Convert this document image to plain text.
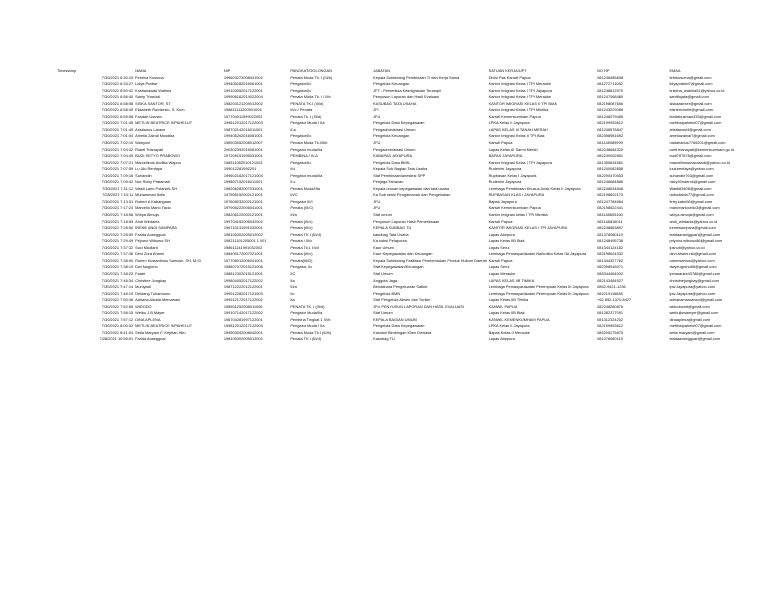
Timestamp	NAMA	NIP	PANGKAT/GOLONGAN	JABATAN	SATUAN KERJA/UPT	NO HP	EMAIL
7/30/2021 6:30:15	Febrina Kusuma	199603272008041002	Penata Muda Tk. I (III/b)	Kepala Subbidang Pembinaan TI dan Kerja Sama	Divisi Pas Kanwil Papua	081248485848	febrkusuma@gmail.com
7/30/2021 6:33:27	Lidya Pratiwi	199405282016061001	Pengatur/IIc	Pengelola Keuangan	Kantor Imigrasi Kelas I TPI Merauke	081272711082	lidyapratiwi7@gmail.com
7/30/2021 6:50:42	Kristianawati Wabiria	199103052017122001	Pengatur/IIc	JFT - Pemeriksa Keimigrasian Terampil	Kantor Imigrasi Kelas I TPI Jayapura	081248812570	kristina_wabiria91@yahoo.co.id
7/30/2021 6:56:40	Santy Triastuti	199906162014022004	Penata Muda Tk. I / IIIb	Penyusun Laporan dan Hasil Evaluasi	Kantor Imigrasi Kelas I TPI Merauke	081247068480	santtiojata@gmail.com
7/30/2021 6:58:58	SISKA SANTOR, ST	198203121209012002	PENATA TK.I (III/d)	KASUBAG TATA USAHA	KANTOR IMIGRASI KELAS II TPI BIAK	082198087656	siskaasexer@gmail.com
7/30/2021 6:58:49	Elisabeth Rumkesio, S. Kom.	198811111200901004	III/c / Penata	JFI	Kantor Imigrasi Kelas I TPI Mimika	081243229086	elsrterichelle@gmail.com
7/30/2021 6:59:58	Fandah Usman	197704011999022002	Penata Tk. I (III/d)	JFU	Kanwil Kemenkumham Papua	081248079485	fandahusman333@gmail.com
7/30/2021 7:01:45	METLIN BEATRICE SIPAHELUT	199812012017122003	Pengatur Muda / IIa	Pengelola Data Kepegawaian	LPKA Kelas II Jayapura	082199953612	metlinsipahelut07@gmail.com
7/30/2021 7:01:49	Aristianus Larane	198702142016011001	II.a	Pengadministrasi Umum	LAPAS KELAS III TANAH MERAH	081248578847	aristianusl4@gmail.com
7/30/2021 7:01:54	Amelia Zainal Musdika	199405262016061001	Pengatur/IIc	Pengelola Keuangan	Kantor Imigrasi Kelas II TPI Biak	082398981692	ameliazainal7@gmail.com
7/30/2021 7:02:10	Wahyuni	198903052008012007	Penata Muda Tk.I/IIIb	JFU	Kanwil Papua	081148089999	nadahadus7766201@gmail.com
7/30/2021 7:04:32	Rianti Trianayati	200302092016081001	Pengatur muda/IIa	Pengadministrasi Umum	Lapas Kelas III Sarmi Merah	082248684320	ranti.trianayati@kemenkumham.go.id
7/30/2021 7:04:49	BUDI SETYO PRABOWO	197209151995031001	PEMBINA / IV.A	KABAPAS JAYAPURA	BAPAS JAYAPURA	082240002851	budi787878@gmail.com
7/30/2021 7:07:21	Marcellinus Andika Wapuu	198511082010121003	Pengatur/IIc	Pengelola Data BMN	Kantor Imigrasi Kelas I TPI Jayapura	081355634581	marcellinusmacaandi@yahoo.co.id
7/30/2021 7:07:59	Lu Ulu Renfaya	199012281992201	IId	Kepala Sub Bagian Tata Usaha	Rudenim Jayapura	081240082858	luulurenfaya@yahoo.com
7/30/2021 7:09:16	Suhandin	199602162017121004	Pengatur muda/IIa	Staf Pembinaan/anestesi SPP	Rupbasan Kelas I Jayapura	082290470553	suhandin763@gmail.com
7/30/2021 7:09:42	Nur Rizky Pratamah	199807152016011001	II.c	Penjaga Tahanan	Rudenim Jayapura	081248684886	rizky40nderos@gmail.com
7/30/2021 7:11:12	Wasti Lann Polanlek,SH	198206282007031001	Penata Muda/IIIa	Kepala urusan kepegawaian dan tata usaha	Lembaga Pembinaan Khusus Anak Kelas II Jayapura	082248634848	Wasti83408@gmail.com
7/28/2021 7:10:11	Muhammad Ikdin	197505152002121001	III/C	Ka Sub seksi Pengamanan dan Pengeloalan	RUPBASAN KLAS I JAYAPURA	082198602173	ridhwilahin77@gmail.com
7/30/2021 7:13:31	Robert A Kabangaan	197608032002121001	Pengatur III/I	JFU	Bapas Jayapura	081247784684	fetry.kabn08@gmail.com
7/30/2021 7:17:24	Marcello Mario Tacio	197905222006041001	Penata (III/C)	JFU	Kanwil Kemenkumham Papua	082198622441	marcmariocello3@gmail.com
7/30/2021 7:18:56	Wiriya Almoja	198206122002121001	III/a	Staf umum	Kantor Imigrasi kelas I TPI Mimika	081148605160	wiriya.almoja@gmail.com
7/30/2021 7:18:59	Andi Wirdania	199704152006042002	Penata (III/c)	Penyusun Laporan Hasil Pemeriksaan	Kanwil Papua	081148816011	andi_wirdania@yahoo.co.id
7/30/2021 7:28:50	IRENE ANDI SAMPARA	196710131991032001	Penata (III/c)	KEPALA SUBBAG TU	KANTOR IMIGRASI KELAS I TPI JAYAPURA	082248863897	ireneisampara@gmail.com
7/30/2021 7:28:50	Farida Aosegguai	198105302005012002	Penata TK I (III/d)	kasubag Tata Usaha	Lapas Abepura	081378080119	faridaaosegguari@gmail.com
7/30/2021 7:29:49	Priyono Wibowo,SH	198211191205001 1 001	Penata / III/c	Ka.subsi Pelaporan	Lapas Kelas IIB Biak	081248495738	priyono.wibowo86@gmail.com
7/30/2021 7:37:32	Suci Mudiarti	198611141991032002	Penata Tk.I, III/d	Kaur Umum	Lapas Serui	081344124182	ipsnuti@yahoo.co.id
7/30/2021 7:37:46	Devi Zora Ahami	198409172007021001	Penata (III/c)	Kaur Kepegawaian dan Keuangan	Lembaga Pemasyarakatan Narkotika Kelas IIA Jayapura	082198624332	devi.ahami.nkl@gmail.com
7/30/2021 7:38:00	Ruben Kostantinus Samosir, SH, M.Si	197708012006041001	Penata(III/D)	Kepala Subbidang Fasilitasi Pembentukan Produk Hukum Daerah	Kanwil Papua	081344327762	rubensamosi@yahoo.com
7/30/2021 7:38:19	Dwi Nagroho	198807072015121006	Pengatur, IIc	Staf Kepegawaian/Keuangan	Lapas Serui	082398516071	dwyeugroho86@gmail.com
7/30/2021 7:38:22	Faatri	198812302015121001	IIC	Staf Umum	Lapas Merauke	085344464002	ipmarauke43786@gmail.com
7/30/2021 7:46:34	Christine Jongkay	199804052017122002	IIa	Anggota Jaga	LAPAS KELAS IIB TIMIKA	082143484927	christinejongkay@gmail.com
7/30/2021 7:47:14	Muniyadi	198712222012122001	III/a	Bendahara Pengeluaran Satker	Lembaga Pemasyarakatan Perempuan Kelas III Jayapura	0852-9421-1236	lpw.Jayapura@yahoo.com
7/30/2021 7:48:19	Deidang Tuhamooru	199912282017121003	IIc	Pengelola BMN	Lembaga Pemasyarakatan Perempuan Kelas III Jayapura	082219116689	lpw.Jayapura@yahoo.com
7/30/2021 7:50:46	Adriana Alwida Memanani	199912172017122002	IIa	Staf Pengelola Absen dan Tunkin	Lapas Kelas IIB Timika	+62 852-1370-8427	adrianamamanani@gmail.com
7/30/2021 7:52:55	WIDODO	198501252008011006	PENATA TK. I (III/d)	JFU PENYUSUN LAPORAN DAN HASIL EVALUASI	KANWIL PAPUA	082248280876	widodoxmt@gmail.com
7/30/2021 7:58:15	Welbu J.B Mayer	199107142017122002	Pengatur Muda/IIa	Staf Umum	Lapas Kelas IIB Biak	081282377091	welbujbmamyer@gmail.com
7/30/2021 7:57:12	DINA APLENA	198704281997122001	Pembina Tingkat 1 IV/b	KEPALA BAGIAN UMUM	KANWIL KEMENKUMHAM PAPUA	081312324202	dinaaplena@gmail.com
7/30/2021 8:00:32	METLIN BEATRICE SIPAHELUT	199812012017122003	Pengatur Muda / IIa	Pengelola Data Kepegawaian	LPKA Kelas II Jayapura	082199953612	metlinsipahelut07@gmail.com
7/30/2021 8:41:04	Setia Maryam F. Kepitan Hitu	199503042008042001	Penata Muda Tk.I (III/b)	Kasubsi Bimbingan Klien Dewasa	Bapas Kelas II Merauke	085205275875	setia.maryam@gmail.com
7/28/2021 10:55:51	Farida Aosegguai	198105302005012002	Penata TK I (III/d)	Kasubag TU	Lapas Abepura	081378080119	faridaaosegguari@gmail.com
